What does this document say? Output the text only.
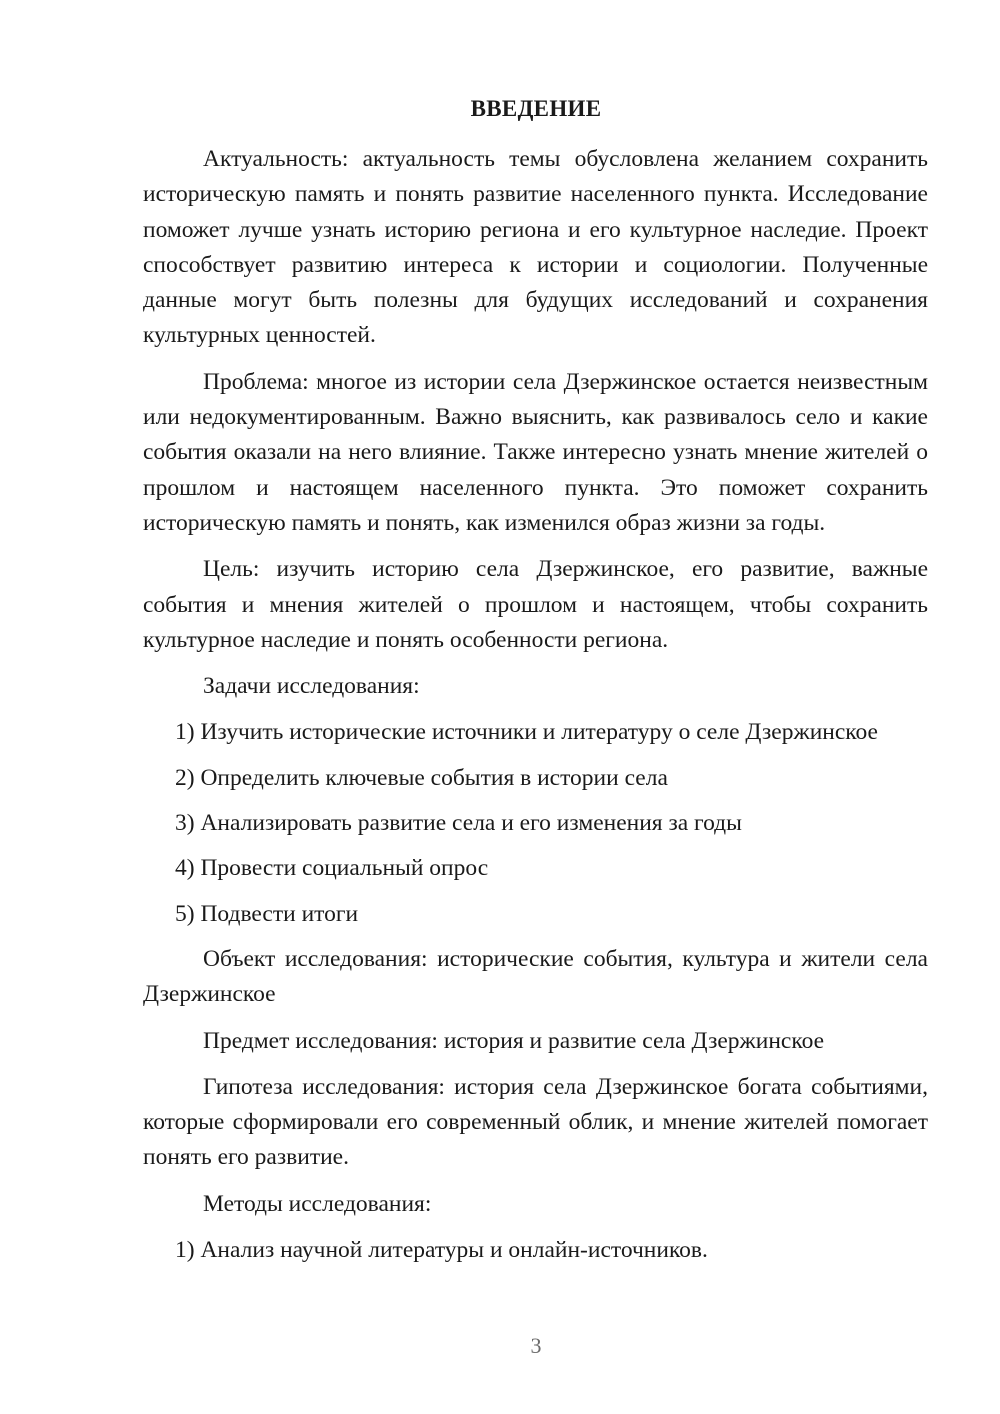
ВВЕДЕНИЕ

Актуальность: актуальность темы обусловлена желанием сохранить историческую память и понять развитие населенного пункта. Исследование поможет лучше узнать историю региона и его культурное наследие. Проект способствует развитию интереса к истории и социологии. Полученные данные могут быть полезны для будущих исследований и сохранения культурных ценностей.

Проблема: многое из истории села Дзержинское остается неизвестным или недокументированным. Важно выяснить, как развивалось село и какие события оказали на него влияние. Также интересно узнать мнение жителей о прошлом и настоящем населенного пункта. Это поможет сохранить историческую память и понять, как изменился образ жизни за годы.

Цель: изучить историю села Дзержинское, его развитие, важные события и мнения жителей о прошлом и настоящем, чтобы сохранить культурное наследие и понять особенности региона.

Задачи исследования:

1) Изучить исторические источники и литературу о селе Дзержинское

2) Определить ключевые события в истории села

3) Анализировать развитие села и его изменения за годы

4) Провести социальный опрос

5) Подвести итоги

Объект исследования: исторические события, культура и жители села Дзержинское

Предмет исследования: история и развитие села Дзержинское

Гипотеза исследования: история села Дзержинское богата событиями, которые сформировали его современный облик, и мнение жителей помогает понять его развитие.

Методы исследования:

1) Анализ научной литературы и онлайн-источников.

3
